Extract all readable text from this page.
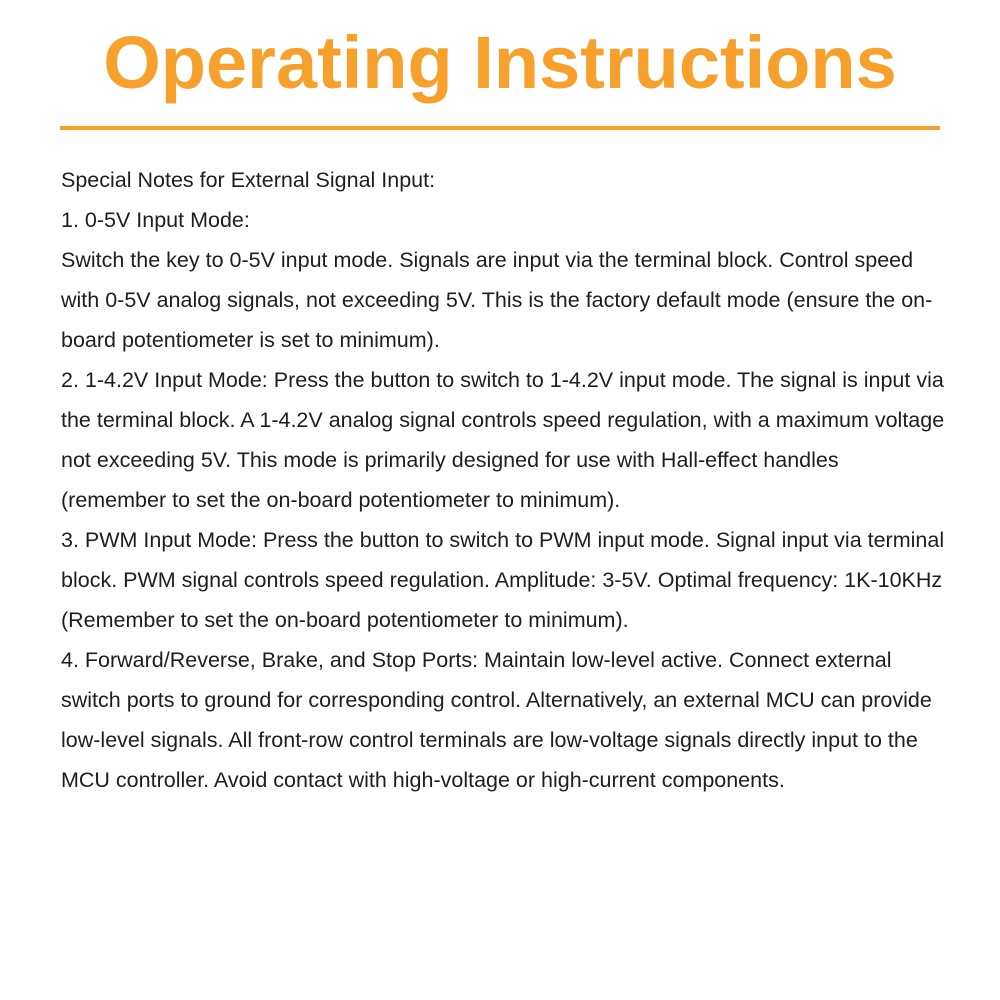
Operating Instructions

Special Notes for External Signal Input:

1. 0-5V Input Mode:

Switch the key to 0-5V input mode. Signals are input via the terminal block. Control speed with 0-5V analog signals, not exceeding 5V. This is the factory default mode (ensure the on-board potentiometer is set to minimum).

2. 1-4.2V Input Mode: Press the button to switch to 1-4.2V input mode. The signal is input via the terminal block. A 1-4.2V analog signal controls speed regulation, with a maximum voltage not exceeding 5V. This mode is primarily designed for use with Hall-effect handles (remember to set the on-board potentiometer to minimum).

3. PWM Input Mode: Press the button to switch to PWM input mode. Signal input via terminal block. PWM signal controls speed regulation. Amplitude: 3-5V. Optimal frequency: 1K-10KHz (Remember to set the on-board potentiometer to minimum).

4. Forward/Reverse, Brake, and Stop Ports: Maintain low-level active. Connect external switch ports to ground for corresponding control. Alternatively, an external MCU can provide low-level signals. All front-row control terminals are low-voltage signals directly input to the MCU controller. Avoid contact with high-voltage or high-current components.
